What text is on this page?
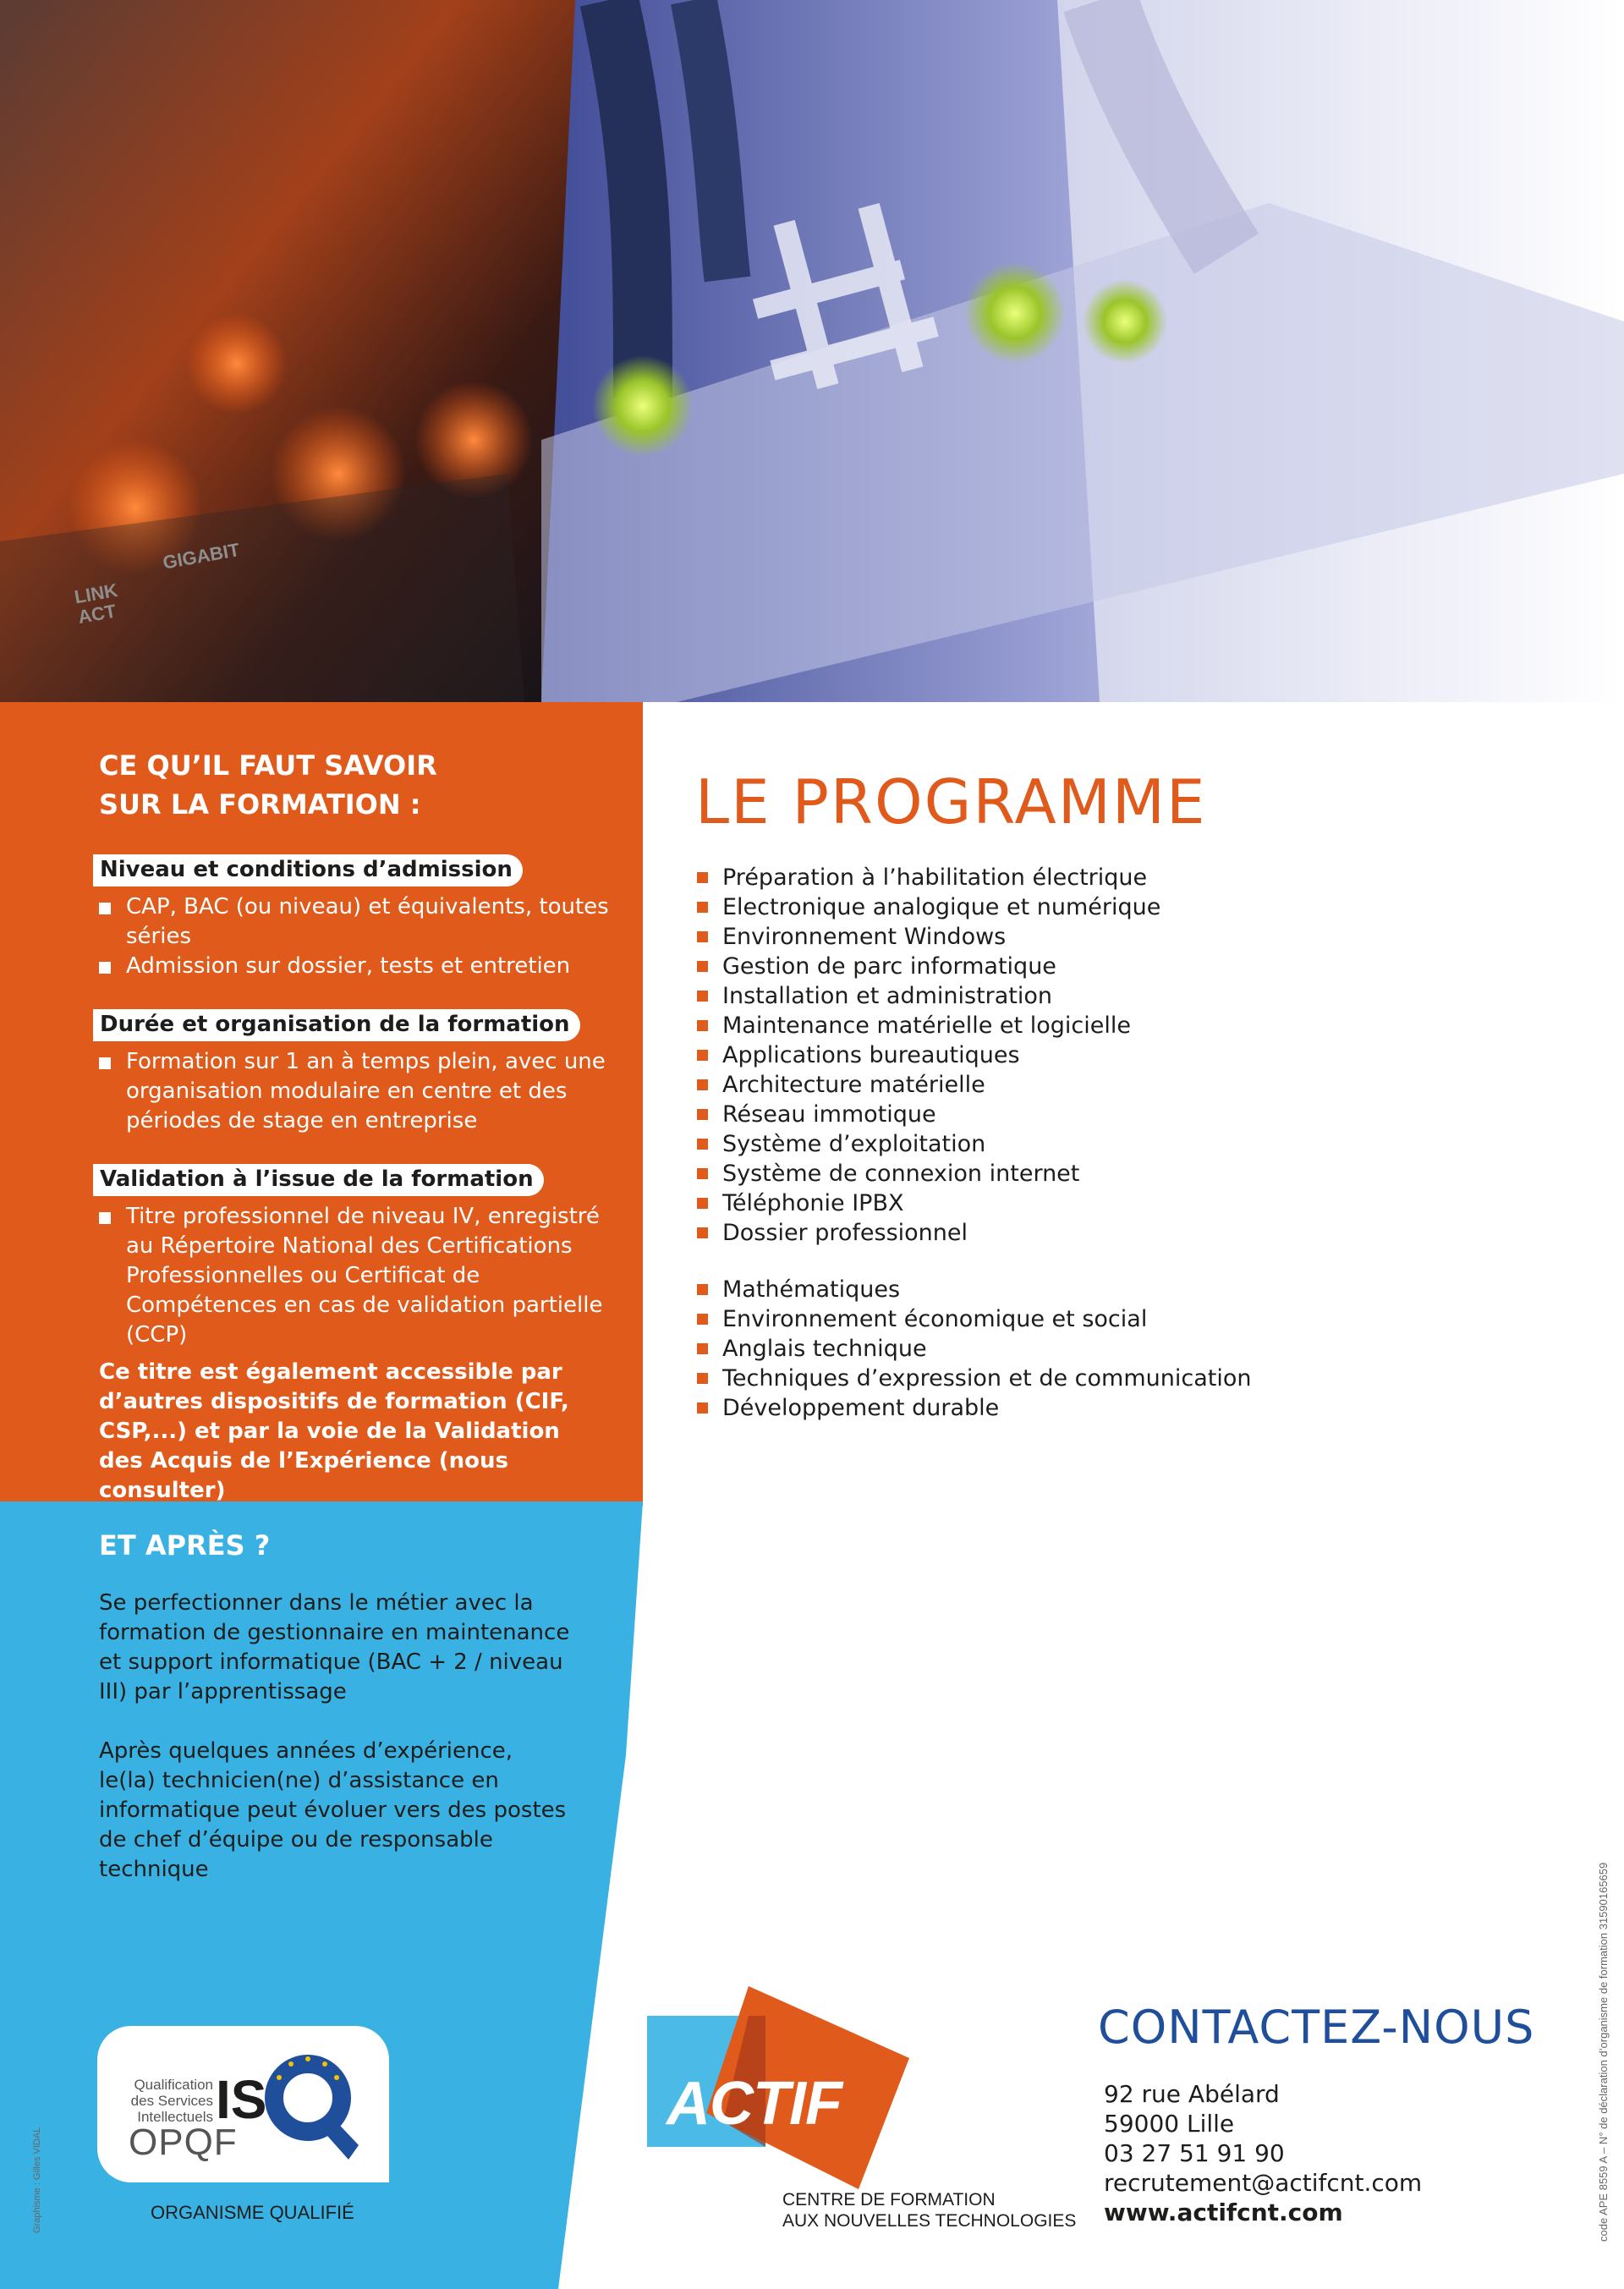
LINK
ACT
GIGABIT
CE QU’IL FAUT SAVOIR
SUR LA FORMATION :
Niveau et conditions d’admission
CAP, BAC (ou niveau) et équivalents, toutes séries
Admission sur dossier, tests et entretien
Durée et organisation de la formation
Formation sur 1 an à temps plein, avec une organisation modulaire en centre et des périodes de stage en entreprise
Validation à l’issue de la formation
Titre professionnel de niveau IV, enregistré au Répertoire National des Certifications Professionnelles ou Certificat de Compétences en cas de validation partielle (CCP)

Ce titre est également accessible par d’autres dispositifs de formation (CIF, CSP,...) et par la voie de la Validation des Acquis de l’Expérience (nous consulter)

ET APRÈS ?

Se perfectionner dans le métier avec la formation de gestionnaire en maintenance et support informatique (BAC + 2 / niveau III) par l’apprentissage

Après quelques années d’expérience, le(la) technicien(ne) d’assistance en informatique peut évoluer vers des postes de chef d’équipe ou de responsable technique

LE PROGRAMME
Préparation à l’habilitation électrique
Electronique analogique et numérique
Environnement Windows
Gestion de parc informatique
Installation et administration
Maintenance matérielle et logicielle
Applications bureautiques
Architecture matérielle
Réseau immotique
Système d’exploitation
Système de connexion internet
Téléphonie IPBX
Dossier professionnel
Mathématiques
Environnement économique et social
Anglais technique
Techniques d’expression et de communication
Développement durable
Qualification des Services Intellectuels IS
OPQF
ORGANISME QUALIFIÉ
Graphisme : Gilles VIDAL
ACTIF
CENTRE DE FORMATION
AUX NOUVELLES TECHNOLOGIES
CONTACTEZ-NOUS
92 rue Abélard
59000 Lille
03 27 51 91 90
recrutement@actifcnt.com
www.actifcnt.com	code APE 8559 A – N° de déclaration d’organisme de formation 31590165659
